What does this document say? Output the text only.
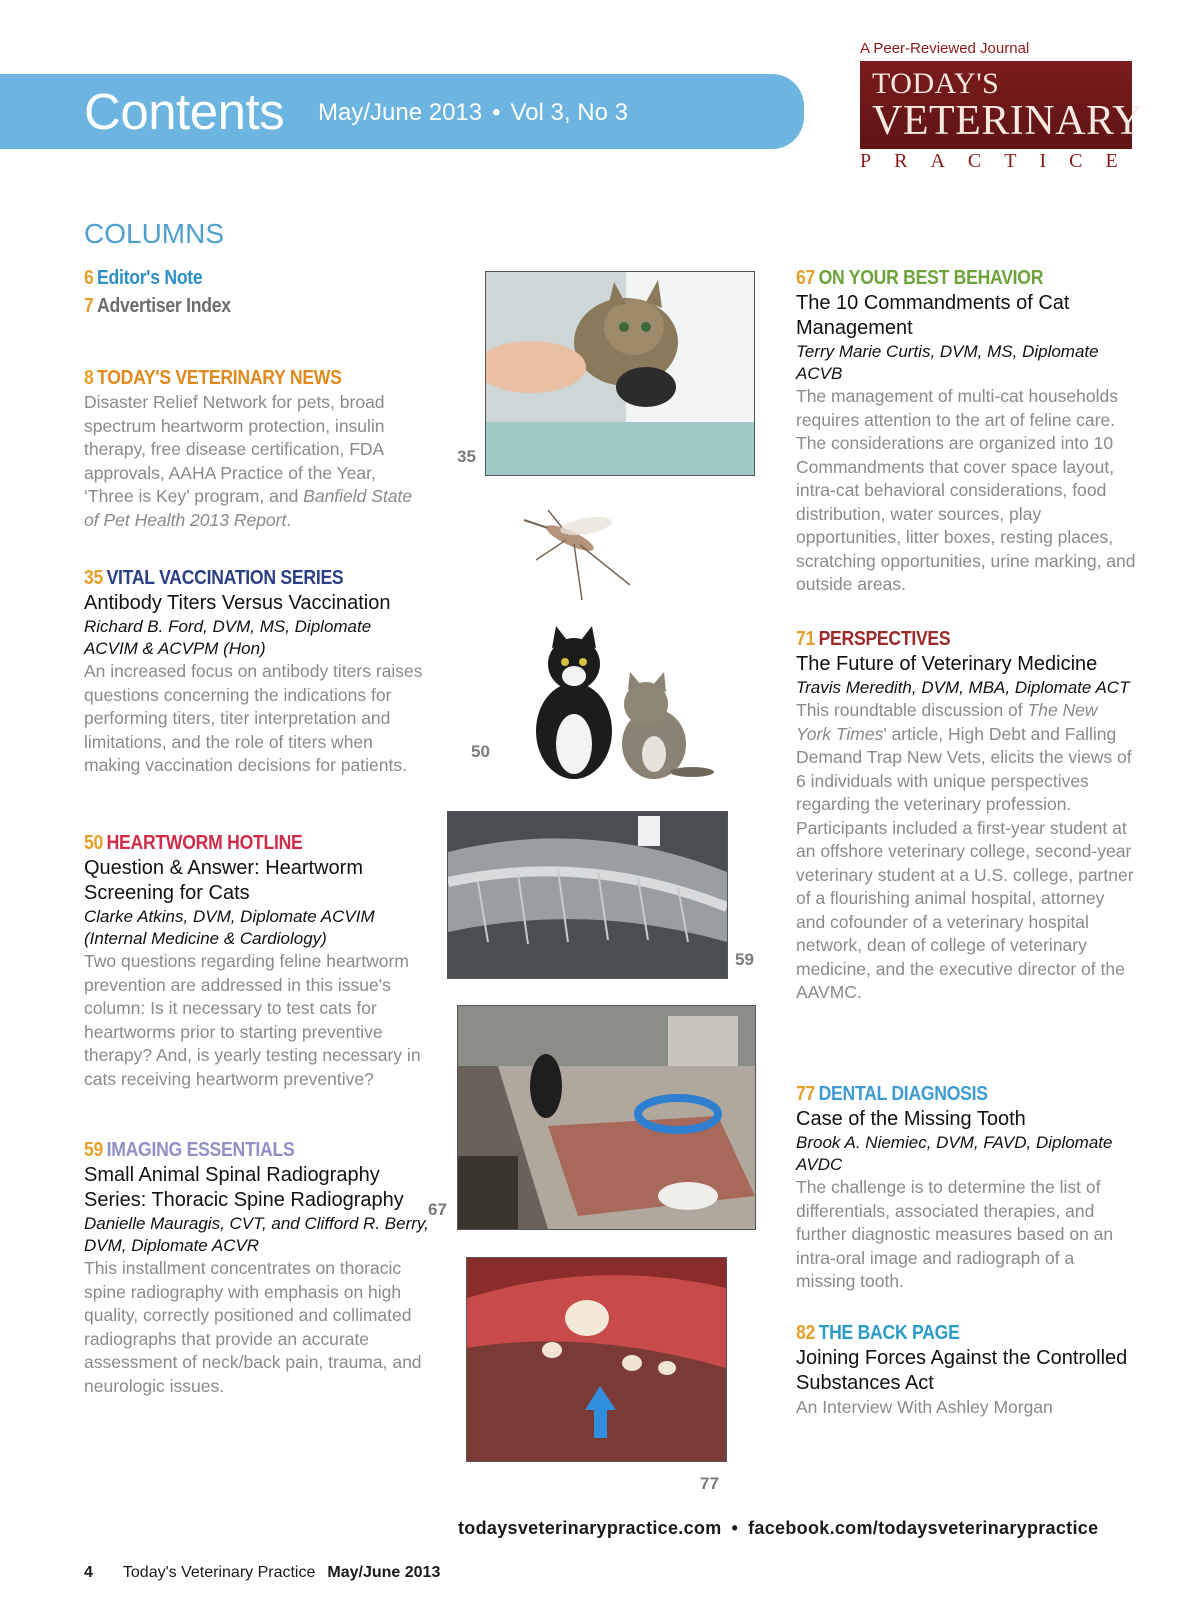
Contents May/June 2013 • Vol 3, No 3
A Peer-Reviewed Journal
TODAY'S
VETERINARY
PRACTICE
COLUMNS
6 Editor's Note
7 Advertiser Index
8 TODAY'S VETERINARY NEWS
Disaster Relief Network for pets, broad spectrum heartworm protection, insulin therapy, free disease certification, FDA approvals, AAHA Practice of the Year, ‘Three is Key’ program, and Banfield State of Pet Health 2013 Report.
35 VITAL VACCINATION SERIES
Antibody Titers Versus Vaccination
Richard B. Ford, DVM, MS, Diplomate ACVIM & ACVPM (Hon)
An increased focus on antibody titers raises questions concerning the indications for performing titers, titer interpretation and limitations, and the role of titers when making vaccination decisions for patients.
50 HEARTWORM HOTLINE
Question & Answer: Heartworm Screening for Cats
Clarke Atkins, DVM, Diplomate ACVIM (Internal Medicine & Cardiology)
Two questions regarding feline heartworm prevention are addressed in this issue's column: Is it necessary to test cats for heartworms prior to starting preventive therapy? And, is yearly testing necessary in cats receiving heartworm preventive?
59 IMAGING ESSENTIALS
Small Animal Spinal Radiography Series: Thoracic Spine Radiography
Danielle Mauragis, CVT, and Clifford R. Berry, DVM, Diplomate ACVR
This installment concentrates on thoracic spine radiography with emphasis on high quality, correctly positioned and collimated radiographs that provide an accurate assessment of neck/back pain, trauma, and neurologic issues.
35
50
59
67
77
67 ON YOUR BEST BEHAVIOR
The 10 Commandments of Cat Management
Terry Marie Curtis, DVM, MS, Diplomate ACVB
The management of multi-cat households requires attention to the art of feline care. The considerations are organized into 10 Commandments that cover space layout, intra-cat behavioral considerations, food distribution, water sources, play opportunities, litter boxes, resting places, scratching opportunities, urine marking, and outside areas.
71 PERSPECTIVES
The Future of Veterinary Medicine
Travis Meredith, DVM, MBA, Diplomate ACT
This roundtable discussion of The New York Times' article, High Debt and Falling Demand Trap New Vets, elicits the views of 6 individuals with unique perspectives regarding the veterinary profession. Participants included a first-year student at an offshore veterinary college, second-year veterinary student at a U.S. college, partner of a flourishing animal hospital, attorney and cofounder of a veterinary hospital network, dean of college of veterinary medicine, and the executive director of the AAVMC.
77 DENTAL DIAGNOSIS
Case of the Missing Tooth
Brook A. Niemiec, DVM, FAVD, Diplomate AVDC
The challenge is to determine the list of differentials, associated therapies, and further diagnostic measures based on an intra-oral image and radiograph of a missing tooth.
82 THE BACK PAGE
Joining Forces Against the Controlled Substances Act
An Interview With Ashley Morgan
todaysveterinarypractice.com • facebook.com/todaysveterinarypractice
4 Today's Veterinary Practice May/June 2013
